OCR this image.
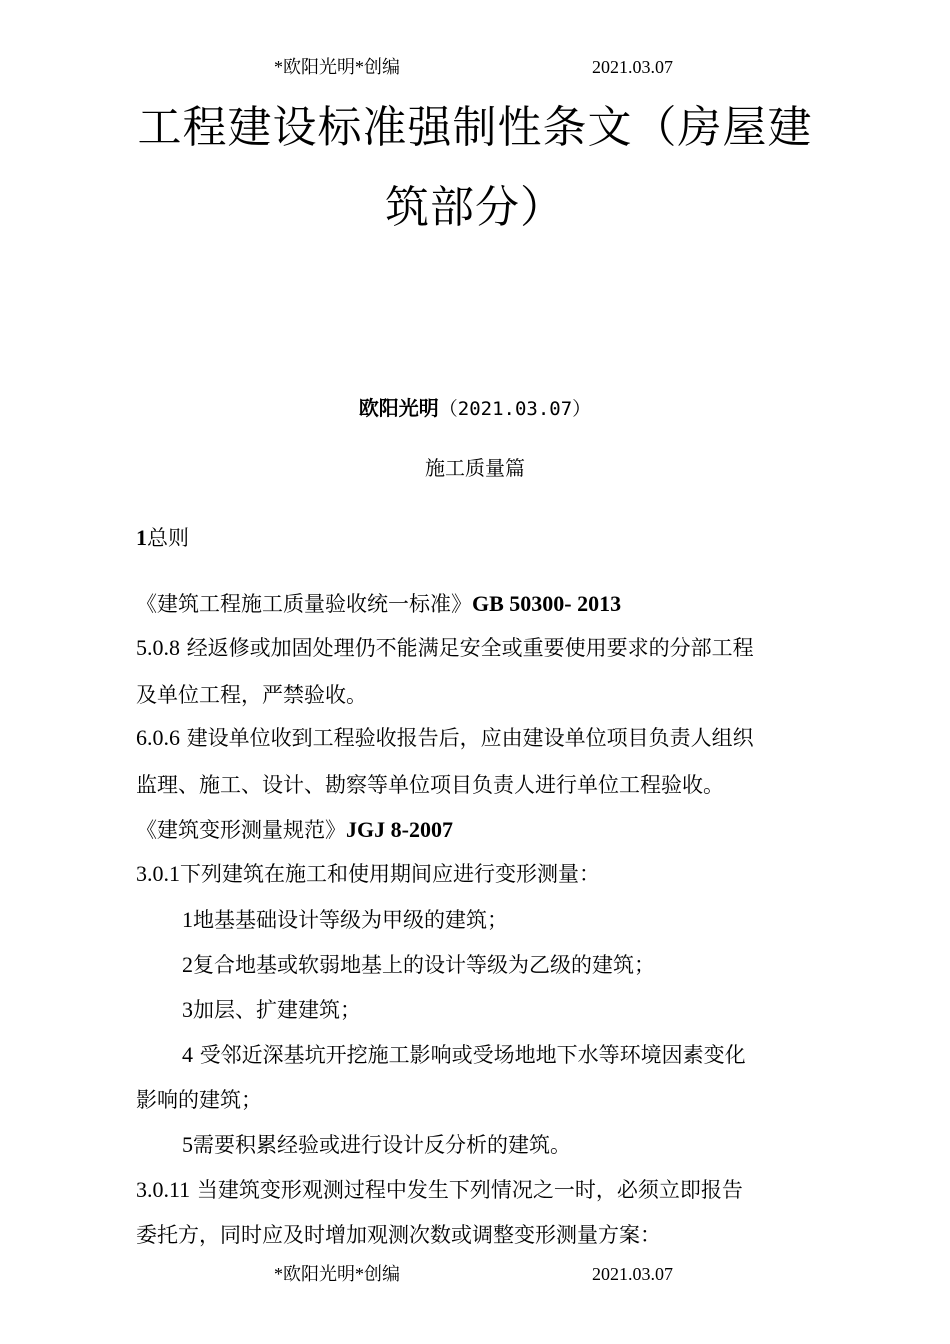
*欧阳光明*创编	2021.03.07
工程建设标准强制性条文（房屋建
筑部分）
欧阳光明（2021.03.07）
施工质量篇
1总则
《建筑工程施工质量验收统一标准》GB 50300- 2013
5.0.8 经返修或加固处理仍不能满足安全或重要使用要求的分部工程
及单位工程，严禁验收。
6.0.6 建设单位收到工程验收报告后，应由建设单位项目负责人组织
监理、施工、设计、勘察等单位项目负责人进行单位工程验收。
《建筑变形测量规范》JGJ 8-2007
3.0.1下列建筑在施工和使用期间应进行变形测量：
1地基基础设计等级为甲级的建筑；
2复合地基或软弱地基上的设计等级为乙级的建筑；
3加层、扩建建筑；
4 受邻近深基坑开挖施工影响或受场地地下水等环境因素变化
影响的建筑；
5需要积累经验或进行设计反分析的建筑。
3.0.11 当建筑变形观测过程中发生下列情况之一时，必须立即报告
委托方，同时应及时增加观测次数或调整变形测量方案：
*欧阳光明*创编	2021.03.07
